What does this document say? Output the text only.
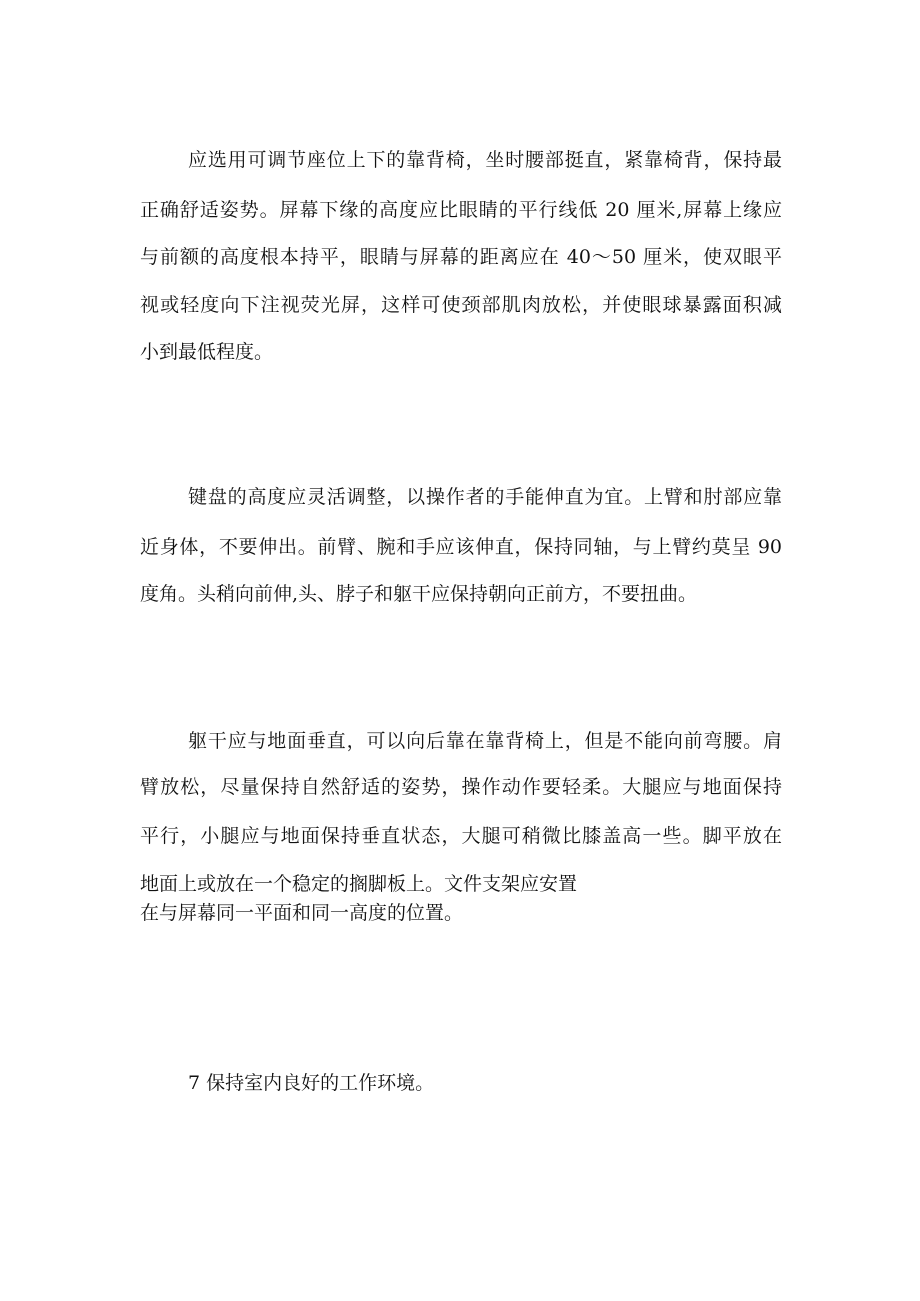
应选用可调节座位上下的靠背椅，坐时腰部挺直，紧靠椅背，保持最
正确舒适姿势。屏幕下缘的高度应比眼睛的平行线低 20 厘米,屏幕上缘应
与前额的高度根本持平，眼睛与屏幕的距离应在 40～50 厘米，使双眼平
视或轻度向下注视荧光屏，这样可使颈部肌肉放松，并使眼球暴露面积减
小到最低程度。
键盘的高度应灵活调整，以操作者的手能伸直为宜。上臂和肘部应靠
近身体，不要伸出。前臂、腕和手应该伸直，保持同轴，与上臂约莫呈 90
度角。头稍向前伸,头、脖子和躯干应保持朝向正前方，不要扭曲。
躯干应与地面垂直，可以向后靠在靠背椅上，但是不能向前弯腰。肩
臂放松，尽量保持自然舒适的姿势，操作动作要轻柔。大腿应与地面保持
平行，小腿应与地面保持垂直状态，大腿可稍微比膝盖高一些。脚平放在
地面上或放在一个稳定的搁脚板上。文件支架应安置
在与屏幕同一平面和同一高度的位置。
7 保持室内良好的工作环境。
